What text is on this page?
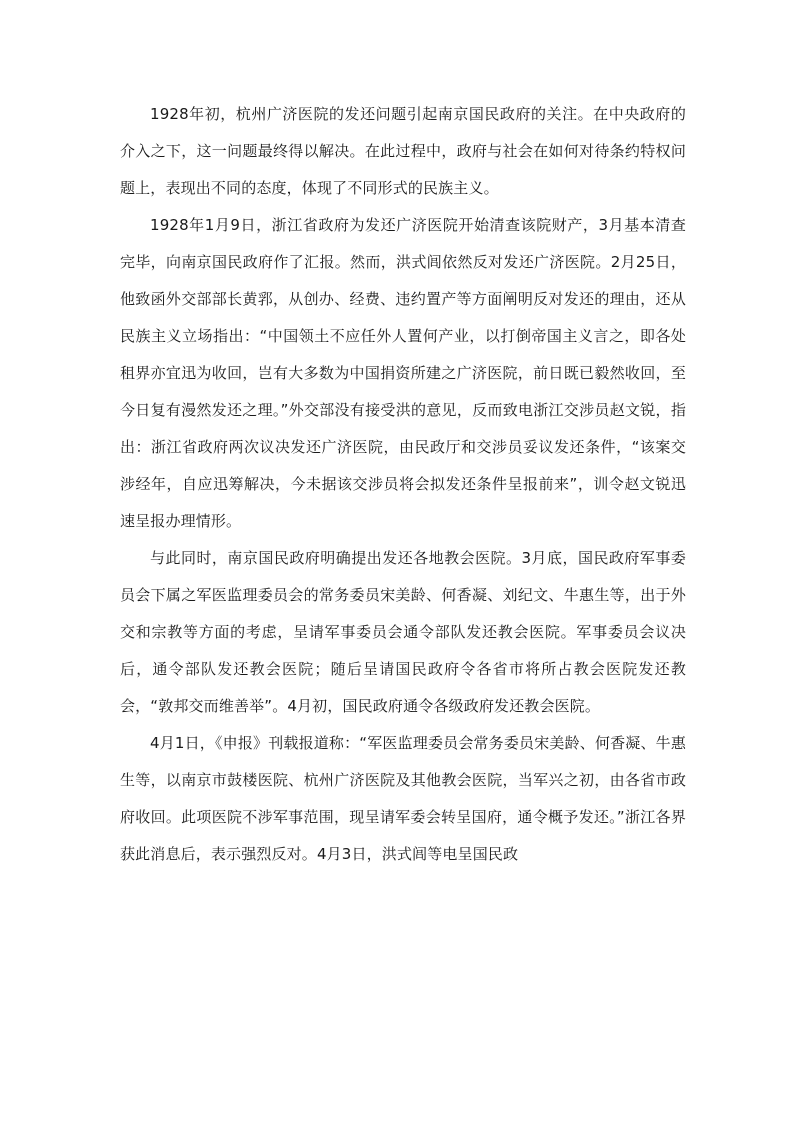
1928年初，杭州广济医院的发还问题引起南京国民政府的关注。在中央政府的介入之下，这一问题最终得以解决。在此过程中，政府与社会在如何对待条约特权问题上，表现出不同的态度，体现了不同形式的民族主义。

1928年1月9日，浙江省政府为发还广济医院开始清查该院财产，3月基本清查完毕，向南京国民政府作了汇报。然而，洪式闾依然反对发还广济医院。2月25日，他致函外交部部长黄郛，从创办、经费、违约置产等方面阐明反对发还的理由，还从民族主义立场指出：“中国领土不应任外人置何产业，以打倒帝国主义言之，即各处租界亦宜迅为收回，岂有大多数为中国捐资所建之广济医院，前日既已毅然收回，至今日复有漫然发还之理。”外交部没有接受洪的意见，反而致电浙江交涉员赵文锐，指出：浙江省政府两次议决发还广济医院，由民政厅和交涉员妥议发还条件，“该案交涉经年，自应迅筹解决，今未据该交涉员将会拟发还条件呈报前来”，训令赵文锐迅速呈报办理情形。

与此同时，南京国民政府明确提出发还各地教会医院。3月底，国民政府军事委员会下属之军医监理委员会的常务委员宋美龄、何香凝、刘纪文、牛惠生等，出于外交和宗教等方面的考虑，呈请军事委员会通令部队发还教会医院。军事委员会议决后，通令部队发还教会医院；随后呈请国民政府令各省市将所占教会医院发还教会，“敦邦交而维善举”。4月初，国民政府通令各级政府发还教会医院。

4月1日，《申报》刊载报道称：“军医监理委员会常务委员宋美龄、何香凝、牛惠生等，以南京市鼓楼医院、杭州广济医院及其他教会医院，当军兴之初，由各省市政府收回。此项医院不涉军事范围，现呈请军委会转呈国府，通令概予发还。”浙江各界获此消息后，表示强烈反对。4月3日，洪式闾等电呈国民政
